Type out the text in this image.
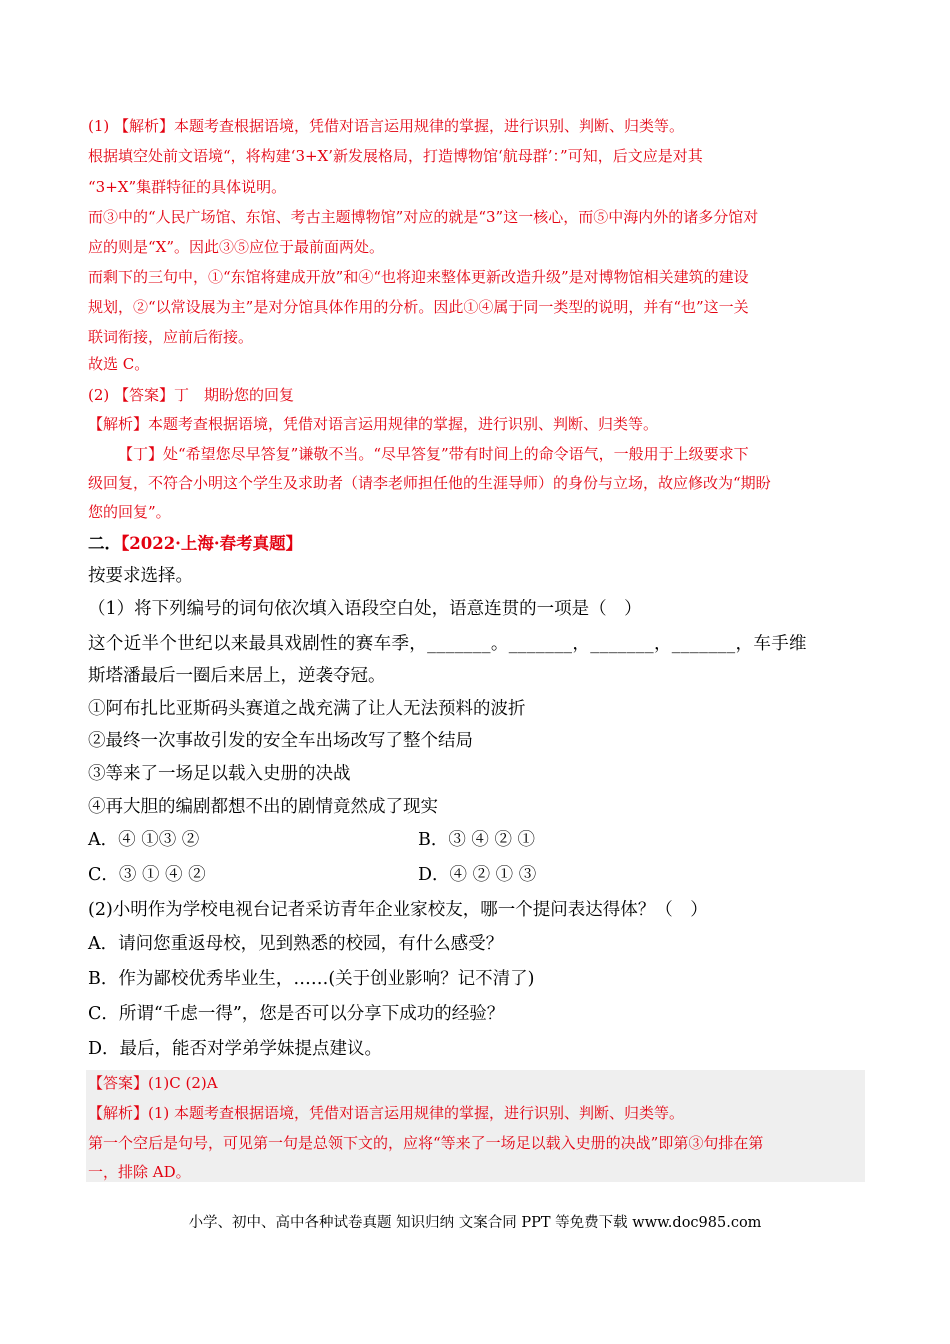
(1) 【解析】本题考查根据语境，凭借对语言运用规律的掌握，进行识别、判断、归类等。
根据填空处前文语境“，将构建‘3+X’新发展格局，打造博物馆‘航母群’：”可知，后文应是对其
“3+X”集群特征的具体说明。
而③中的“人民广场馆、东馆、考古主题博物馆”对应的就是“3”这一核心，而⑤中海内外的诸多分馆对
应的则是“X”。因此③⑤应位于最前面两处。
而剩下的三句中，①“东馆将建成开放”和④“也将迎来整体更新改造升级”是对博物馆相关建筑的建设
规划，②“以常设展为主”是对分馆具体作用的分析。因此①④属于同一类型的说明，并有“也”这一关
联词衔接，应前后衔接。
故选 C。
(2) 【答案】丁　期盼您的回复
【解析】本题考查根据语境，凭借对语言运用规律的掌握，进行识别、判断、归类等。
【丁】处“希望您尽早答复”谦敬不当。“尽早答复”带有时间上的命令语气，一般用于上级要求下
级回复，不符合小明这个学生及求助者（请李老师担任他的生涯导师）的身份与立场，故应修改为“期盼
您的回复”。
二．【2022·上海·春考真题】
按要求选择。
（1）将下列编号的词句依次填入语段空白处，语意连贯的一项是（　）
这个近半个世纪以来最具戏剧性的赛车季，_______。_______，_______，_______，车手维
斯塔潘最后一圈后来居上，逆袭夺冠。
①阿布扎比亚斯码头赛道之战充满了让人无法预料的波折
②最终一次事故引发的安全车出场改写了整个结局
③等来了一场足以载入史册的决战
④再大胆的编剧都想不出的剧情竟然成了现实
A．④ ①③ ②	B．③ ④ ② ①
C．③ ① ④ ②	D．④ ② ① ③
(2)小明作为学校电视台记者采访青年企业家校友，哪一个提问表达得体？（　）
A．请问您重返母校，见到熟悉的校园，有什么感受？
B．作为鄙校优秀毕业生，……(关于创业影响？记不清了)
C．所谓“千虑一得”，您是否可以分享下成功的经验？
D．最后，能否对学弟学妹提点建议。
【答案】(1)C (2)A
【解析】(1) 本题考查根据语境，凭借对语言运用规律的掌握，进行识别、判断、归类等。
第一个空后是句号，可见第一句是总领下文的，应将“等来了一场足以载入史册的决战”即第③句排在第
一，排除 AD。
小学、初中、高中各种试卷真题 知识归纳 文案合同 PPT 等免费下载 www.doc985.com
